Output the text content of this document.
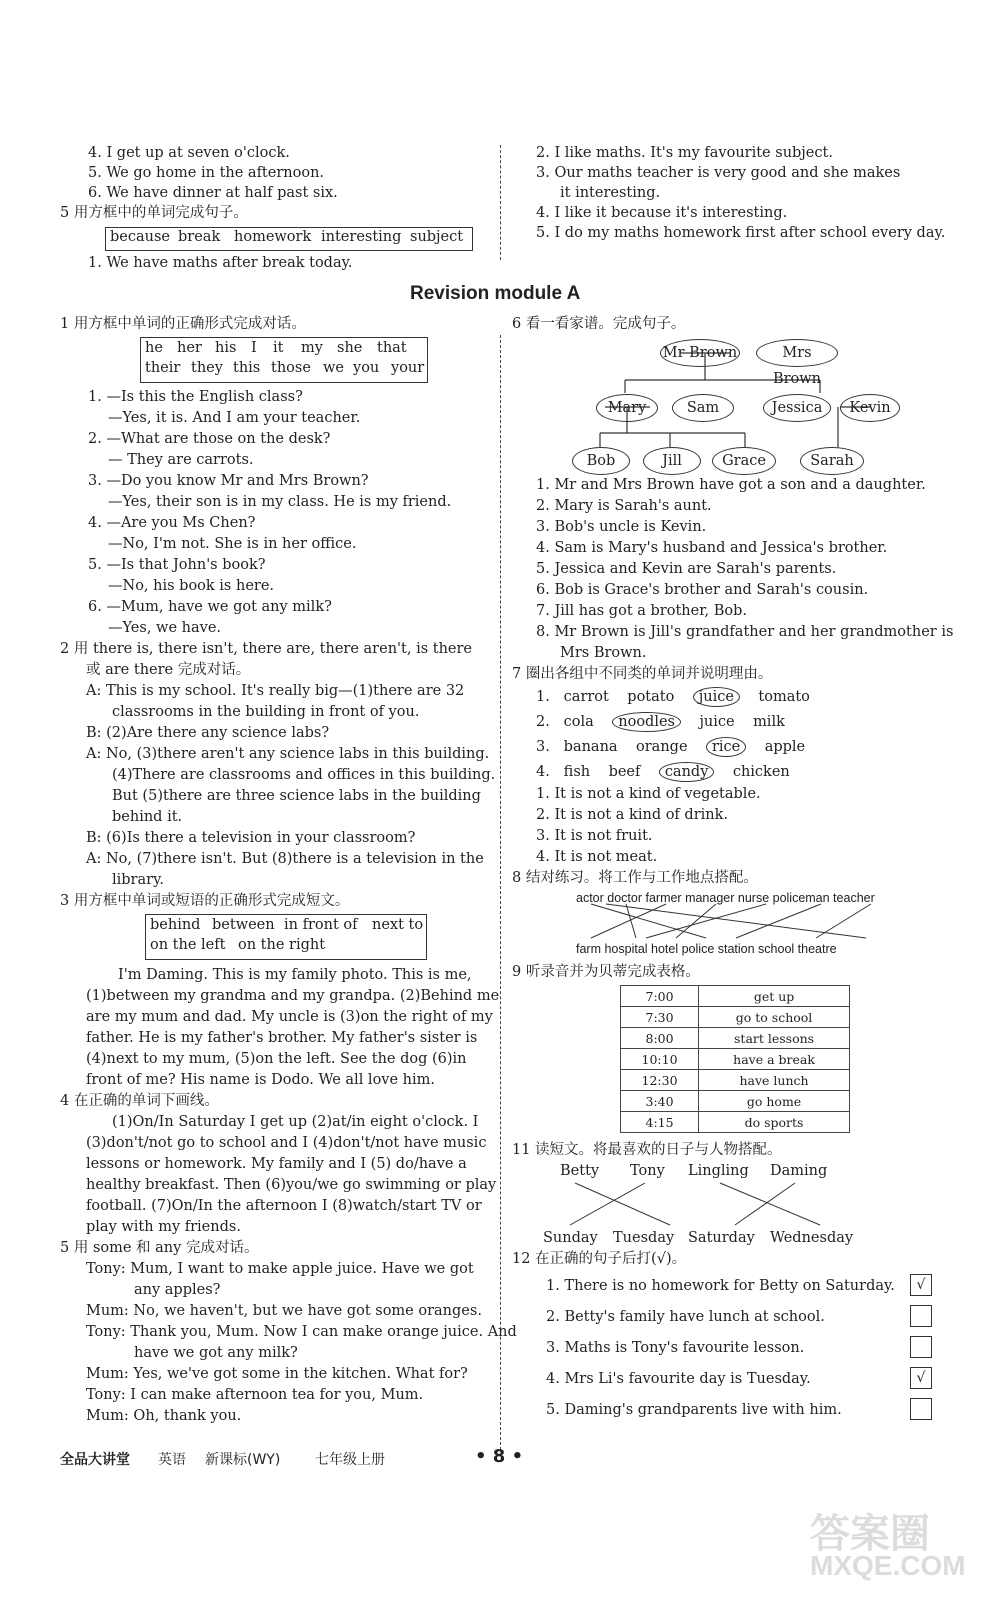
4. I get up at seven o'clock.
5. We go home in the afternoon.
6. We have dinner at half past six.
5 用方框中的单词完成句子。
because break homework interesting subject
1. We have maths after break today.
2. I like maths. It's my favourite subject.
3. Our maths teacher is very good and she makes
it interesting.
4. I like it because it's interesting.
5. I do my maths homework first after school every day.
Revision module A
1 用方框中单词的正确形式完成对话。
he her his I it my she that
their they this those we you your
1. —Is this the English class?
—Yes, it is. And I am your teacher.
2. —What are those on the desk?
— They are carrots.
3. —Do you know Mr and Mrs Brown?
—Yes, their son is in my class. He is my friend.
4. —Are you Ms Chen?
—No, I'm not. She is in her office.
5. —Is that John's book?
—No, his book is here.
6. —Mum, have we got any milk?
—Yes, we have.
2 用 there is, there isn't, there are, there aren't, is there
或 are there 完成对话。
A: This is my school. It's really big—(1)there are 32
classrooms in the building in front of you.
B: (2)Are there any science labs?
A: No, (3)there aren't any science labs in this building.
(4)There are classrooms and offices in this building.
But (5)there are three science labs in the building
behind it.
B: (6)Is there a television in your classroom?
A: No, (7)there isn't. But (8)there is a television in the
library.
3 用方框中单词或短语的正确形式完成短文。
behind between in front of next to
on the left on the right
I'm Daming. This is my family photo. This is me,
(1)between my grandma and my grandpa. (2)Behind me
are my mum and dad. My uncle is (3)on the right of my
father. He is my father's brother. My father's sister is
(4)next to my mum, (5)on the left. See the dog (6)in
front of me? His name is Dodo. We all love him.
4 在正确的单词下画线。
(1)On/In Saturday I get up (2)at/in eight o'clock. I
(3)don't/not go to school and I (4)don't/not have music
lessons or homework. My family and I (5) do/have a
healthy breakfast. Then (6)you/we go swimming or play
football. (7)On/In the afternoon I (8)watch/start TV or
play with my friends.
5 用 some 和 any 完成对话。
Tony: Mum, I want to make apple juice. Have we got
any apples?
Mum: No, we haven't, but we have got some oranges.
Tony: Thank you, Mum. Now I can make orange juice. And
have we got any milk?
Mum: Yes, we've got some in the kitchen. What for?
Tony: I can make afternoon tea for you, Mum.
Mum: Oh, thank you.
6 看一看家谱。完成句子。
Mr Brown	Mrs Brown
Mary	Sam	Jessica	Kevin
Bob	Jill	Grace	Sarah
1. Mr and Mrs Brown have got a son and a daughter.
2. Mary is Sarah's aunt.
3. Bob's uncle is Kevin.
4. Sam is Mary's husband and Jessica's brother.
5. Jessica and Kevin are Sarah's parents.
6. Bob is Grace's brother and Sarah's cousin.
7. Jill has got a brother, Bob.
8. Mr Brown is Jill's grandfather and her grandmother is
Mrs Brown.
7 圈出各组中不同类的单词并说明理由。
1. carrot potato juice tomato
2. cola noodles juice milk
3. banana orange rice apple
4. fish beef candy chicken
1. It is not a kind of vegetable.
2. It is not a kind of drink.
3. It is not fruit.
4. It is not meat.
8 结对练习。将工作与工作地点搭配。
actor doctor farmer manager nurse policeman teacher
farm hospital hotel police station school theatre
9 听录音并为贝蒂完成表格。
7:00	get up
7:30	go to school
8:00	start lessons
10:10	have a break
12:30	have lunch
3:40	go home
4:15	do sports
11 读短文。将最喜欢的日子与人物搭配。
Betty Tony Lingling Daming
Sunday Tuesday Saturday Wednesday
12 在正确的句子后打(√)。
1. There is no homework for Betty on Saturday.	√
2. Betty's family have lunch at school.
3. Maths is Tony's favourite lesson.
4. Mrs Li's favourite day is Tuesday.	√
5. Daming's grandparents live with him.
全品大讲堂 英语 新课标(WY) 七年级上册	• 8 •
答案圈
MXQE.COM
